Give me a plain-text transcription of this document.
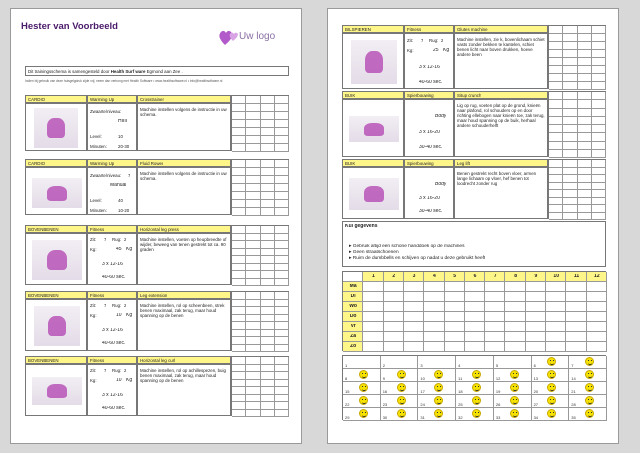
Hester van Voorbeeld
Uw logo
Dit trainingsschema is samengesteld door Health Surf ware Egmond aan Zee .
Indien bij gebruik van deze huisgelgdruk zijde vrij, neem dan verbong met Health Software • www.healthsoftware.nl • info@healthsoftware.nl
CARDIO	Warming Up	Crosstrainer
Zwaarte/niveau:
HIIII
Level:	10
Minuten:	20-30
Machine instellen volgens de instructie in uw schema.
CARDIO	Warming Up	Fluid Rower
Zwaarte/niveau: 7
Manual
Level:	40
Minuten:	10-20
Machine instellen volgens de instructie in uw schema.
BOVENBENEN	Fitness	Horizontal leg press
Zit: 7 Rug: 2
Kg:	45 Kg
3 x 12-16
40-60 sec.
Machine instellen, voeten op heupbreedte of wijder, beweeg van tenen gestrekt tot ca. 90 graden
BOVENBENEN	Fitness	Leg extension
Zit: 7 Rug: 2
Kg:	10 Kg
3 x 12-16
40-60 sec.
Machine instellen, rol op scheenbeen, strek benen maximaal, zak terug, maar houd spanning op de benen
BOVENBENEN	Fitness	Horizontal leg curl
Zit: 7 Rug: 2
Kg:	10 Kg
3 x 12-16
40-60 sec.
Machine instellen, rol op achillespezen, buig benen maximaal, zak terug, maar houd spanning op de benen
BILSPIEREN	Fitness	Glutes machine
Zit: 7 Rug: 2
Kg:	25 Kg
3 x 12-16
40-60 sec.
Machine instellen, zie k, bovenlichaam schiet vasts zonder bekken te kantelen, schiet benen licht naar boven drukken, hoeve andere been
BUIK	Spierbouwing	Situp crunch
Body
3 x 16-20
30-40 sec.
Lig op rug, voeten plat op de grond, knieën naar plafond, rol schouders op en door richting ellebogen naar knieën toe, zak terug, maar houd spanning op de buik, herhaal andere schouderhelft
BUIK	Spierbouwing	Leg lift
Body
3 x 16-20
30-40 sec.
Benen gestrekt recht boven vloer, armen lange lichaam op vloer, hef benen tot loodrecht zonder rug
Kul gegevens
▸ Gebruik altijd een schone handdoek op de machines
▸ Geen straatschoenen
▸ Ruim de dumbbells en schijven op nadat u deze gebruikt heeft
1	2	3	4	5	6	7	8	9	10	11	12
Ma
Di
Wo
Do
Vr
Za
Zo
1	2	3	4	5	6	7
8	9	10	11	12	13	14
15	16	17	18	19	20	21
22	23	24	25	26	27	28
29	30	31	32	33	34	35
